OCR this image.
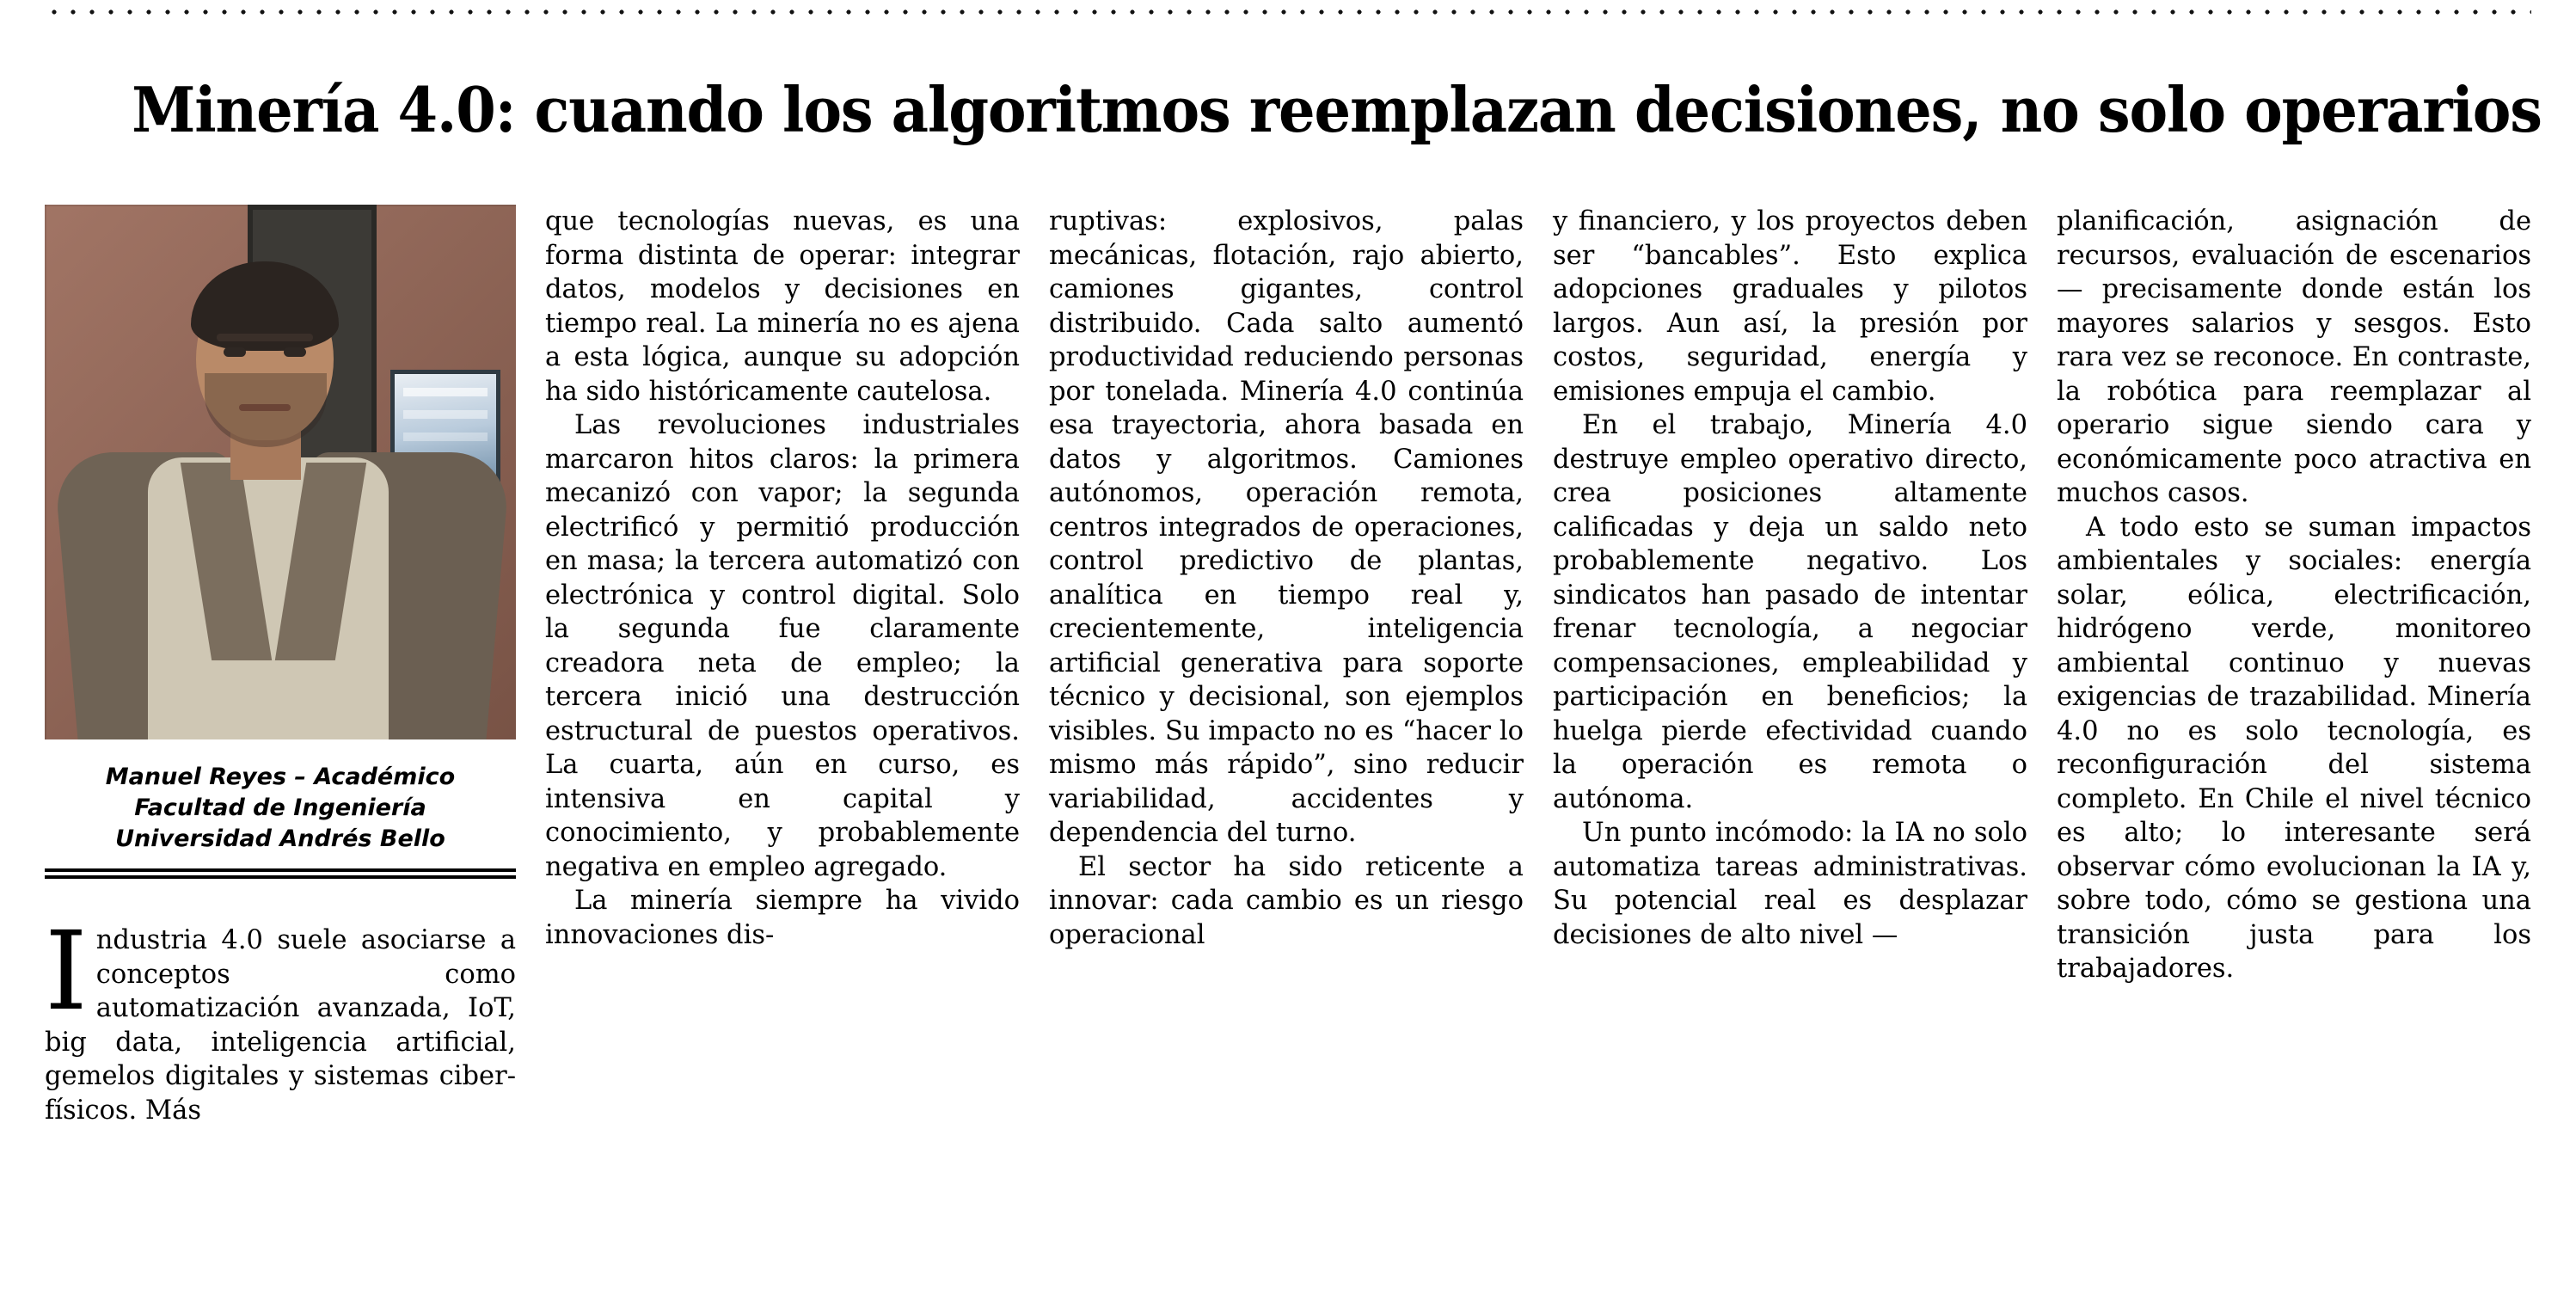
Minería 4.0: cuando los algoritmos reemplazan decisiones, no solo operarios
Manuel Reyes – Académico
Facultad de Ingeniería
Universidad Andrés Bello
I ndustria 4.0 suele asociarse a conceptos como automatización avanzada, IoT, big data, inteligencia artificial, gemelos digitales y sistemas ciber-físicos. Más

que tecnologías nuevas, es una forma distinta de operar: integrar datos, modelos y decisiones en tiempo real. La minería no es ajena a esta lógica, aunque su adopción ha sido históricamente cautelosa.

Las revoluciones industriales marcaron hitos claros: la primera mecanizó con vapor; la segunda electrificó y permitió producción en masa; la tercera automatizó con electrónica y control digital. Solo la segunda fue claramente creadora neta de empleo; la tercera inició una destrucción estructural de puestos operativos. La cuarta, aún en curso, es intensiva en capital y conocimiento, y probablemente negativa en empleo agregado.

La minería siempre ha vivido innovaciones dis-

ruptivas: explosivos, palas mecánicas, flotación, rajo abierto, camiones gigantes, control distribuido. Cada salto aumentó productividad reduciendo personas por tonelada. Minería 4.0 continúa esa trayectoria, ahora basada en datos y algoritmos. Camiones autónomos, operación remota, centros integrados de operaciones, control predictivo de plantas, analítica en tiempo real y, crecientemente, inteligencia artificial generativa para soporte técnico y decisional, son ejemplos visibles. Su impacto no es “hacer lo mismo más rápido”, sino reducir variabilidad, accidentes y dependencia del turno.

El sector ha sido reticente a innovar: cada cambio es un riesgo operacional

y financiero, y los proyectos deben ser “bancables”. Esto explica adopciones graduales y pilotos largos. Aun así, la presión por costos, seguridad, energía y emisiones empuja el cambio.

En el trabajo, Minería 4.0 destruye empleo operativo directo, crea posiciones altamente calificadas y deja un saldo neto probablemente negativo. Los sindicatos han pasado de intentar frenar tecnología, a negociar compensaciones, empleabilidad y participación en beneficios; la huelga pierde efectividad cuando la operación es remota o autónoma.

Un punto incómodo: la IA no solo automatiza tareas administrativas. Su potencial real es desplazar decisiones de alto nivel —

planificación, asignación de recursos, evaluación de escenarios— precisamente donde están los mayores salarios y sesgos. Esto rara vez se reconoce. En contraste, la robótica para reemplazar al operario sigue siendo cara y económicamente poco atractiva en muchos casos.

A todo esto se suman impactos ambientales y sociales: energía solar, eólica, electrificación, hidrógeno verde, monitoreo ambiental continuo y nuevas exigencias de trazabilidad. Minería 4.0 no es solo tecnología, es reconfiguración del sistema completo. En Chile el nivel técnico es alto; lo interesante será observar cómo evolucionan la IA y, sobre todo, cómo se gestiona una transición justa para los trabajadores.
